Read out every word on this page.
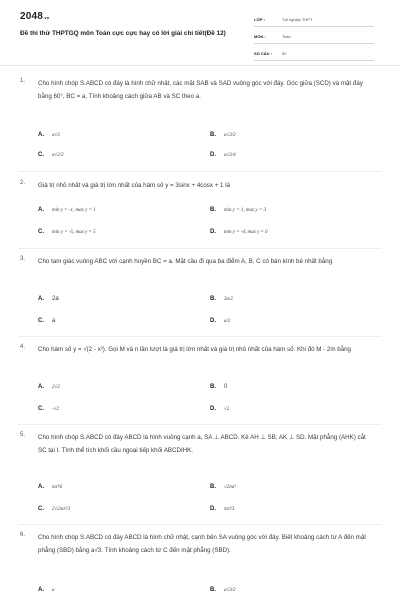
2048.vn
Đề thi thử THPTGQ môn Toán cực cực hay có lời giải chi tiết(Đề 12)
LỚP :	Tốt nghiệp THPT
MÔN :	Toán
SỐ CÂU :	50
1. Cho hình chóp S.ABCD có đáy là hình chữ nhật, các mặt SAB và SAD vuông góc với đáy. Góc giữa (SCD) và mặt đáy bằng 60°, BC = a, Tính khoảng cách giữa AB và SC theo a.
A.	a√3	B.	a√3/2
C.	a√2/2	D.	a√3/4
2. Giá trị nhỏ nhất và giá trị lớn nhất của hàm số y = 3sinx + 4cosx + 1 là
A.	min y = -1, max y = 1	B.	min y = 1, max y = 3
C.	min y = -5, max y = 5	D.	min y = -4, max y = 6
3. Cho tam giác vuông ABC với cạnh huyền BC = a. Mặt cầu đi qua ba điểm A, B, C có bán kính bé nhất bằng
A.	2a	B.	3a/2
C.	a	D.	a/2
4. Cho hàm số y = √(2 - x²). Gọi M và n lần lượt là giá trị lớn nhất và giá trị nhỏ nhất của hàm số. Khi đó M - 2m bằng
A.	2√2	B.	0
C.	-√2	D.	√2
5. Cho hình chóp S.ABCD có đáy ABCD là hình vuông cạnh a, SA ⊥ ABCD. Kẻ AH ⊥ SB; AK ⊥ SD. Mặt phẳng (AHK) cắt SC tại I. Tính thể tích khối cầu ngoại tiếp khối ABCDIHK.
A.	πa³/6	B.	√2πa³
C.	2√2πa³/3	D.	πa³/3
6. Cho hình chóp S.ABCD có đáy ABCD là hình chữ nhật, cạnh bên SA vuông góc với đáy. Biết khoảng cách từ A đến mặt phẳng (SBD) bằng a√3. Tính khoảng cách từ C đến mặt phẳng (SBD).
A.	a	B.	a√3/2
